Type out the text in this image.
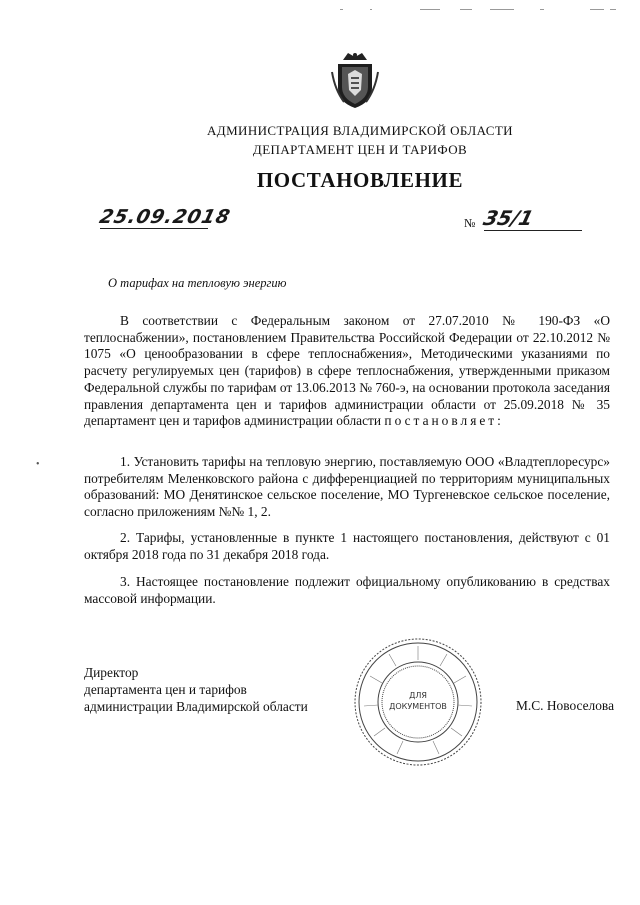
АДМИНИСТРАЦИЯ ВЛАДИМИРСКОЙ ОБЛАСТИ
ДЕПАРТАМЕНТ ЦЕН И ТАРИФОВ
ПОСТАНОВЛЕНИЕ
25.09.2018	№ 35/1
О тарифах на тепловую энергию

В соответствии с Федеральным законом от 27.07.2010 № 190-ФЗ «О теплоснабжении», постановлением Правительства Российской Федерации от 22.10.2012 № 1075 «О ценообразовании в сфере теплоснабжения», Методическими указаниями по расчету регулируемых цен (тарифов) в сфере теплоснабжения, утвержденными приказом Федеральной службы по тарифам от 13.06.2013 № 760-э, на основании протокола заседания правления департамента цен и тарифов администрации области от 25.09.2018 № 35 департамент цен и тарифов администрации области постановляет:

•	1. Установить тарифы на тепловую энергию, поставляемую ООО «Владтеплоресурс» потребителям Меленковского района с дифференциацией по территориям муниципальных образований: МО Денятинское сельское поселение, МО Тургеневское сельское поселение, согласно приложениям №№ 1, 2.

2. Тарифы, установленные в пункте 1 настоящего постановления, действуют с 01 октября 2018 года по 31 декабря 2018 года.

3. Настоящее постановление подлежит официальному опубликованию в средствах массовой информации.

Директор
департамента цен и тарифов
администрации Владимирской области
ДЛЯ
ДОКУМЕНТОВ	М.С. Новоселова
